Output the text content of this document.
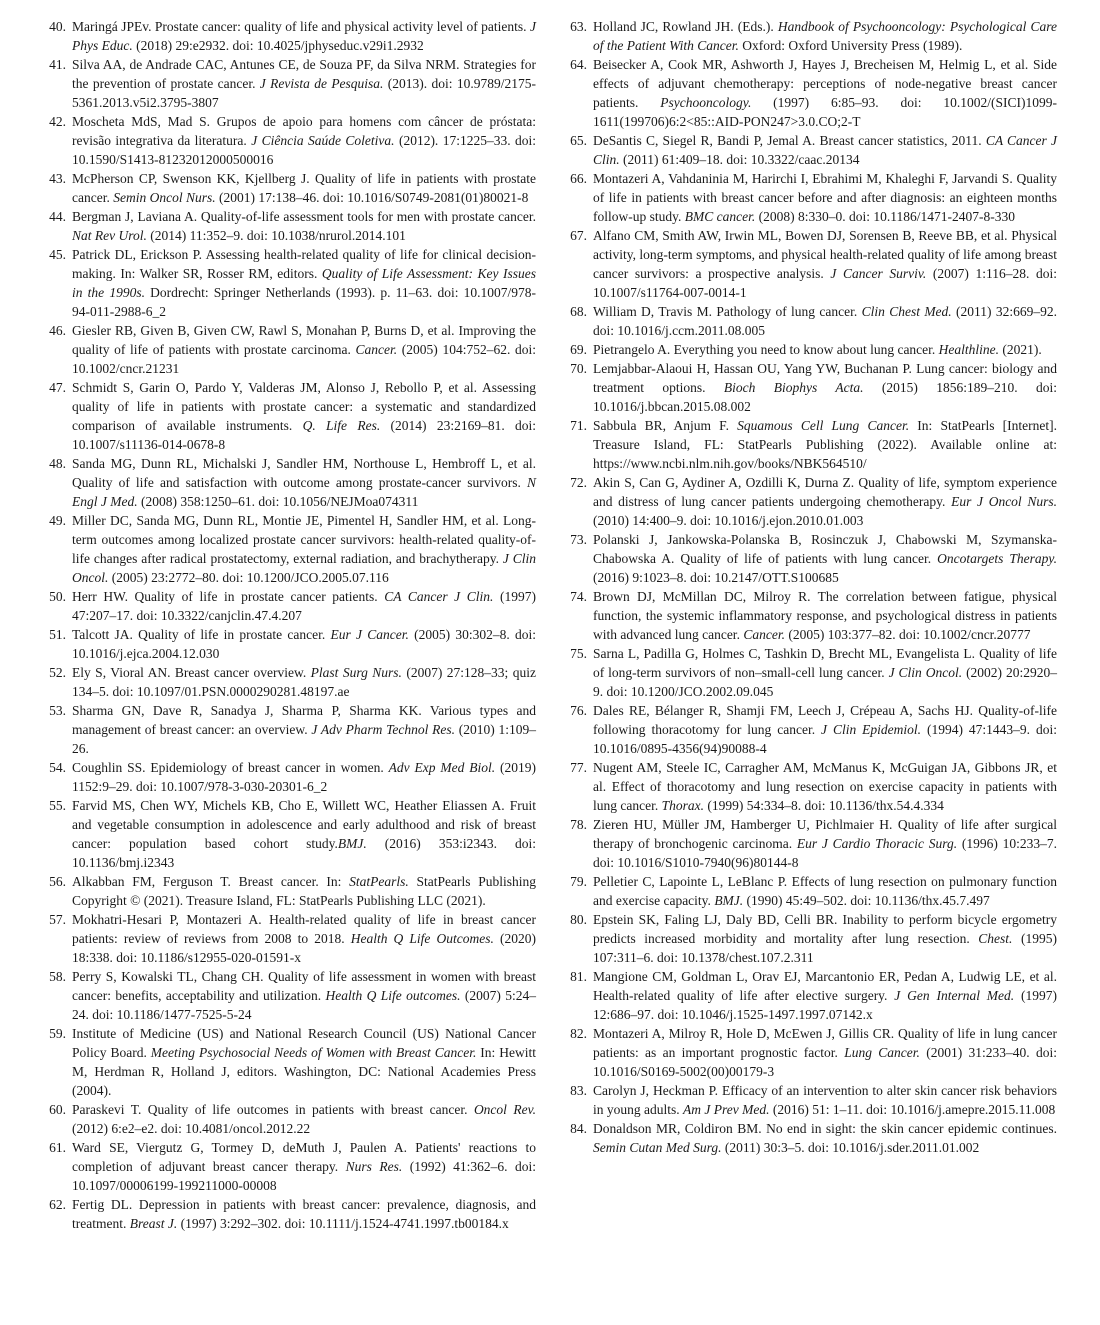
40. Maringá JPEv. Prostate cancer: quality of life and physical activity level of patients. J Phys Educ. (2018) 29:e2932. doi: 10.4025/jphyseduc.v29i1.2932

41. Silva AA, de Andrade CAC, Antunes CE, de Souza PF, da Silva NRM. Strategies for the prevention of prostate cancer. J Revista de Pesquisa. (2013). doi: 10.9789/2175-5361.2013.v5i2.3795-3807

42. Moscheta MdS, Mad S. Grupos de apoio para homens com câncer de próstata: revisão integrativa da literatura. J Ciência Saúde Coletiva. (2012). 17:1225–33. doi: 10.1590/S1413-81232012000500016

43. McPherson CP, Swenson KK, Kjellberg J. Quality of life in patients with prostate cancer. Semin Oncol Nurs. (2001) 17:138–46. doi: 10.1016/S0749-2081(01)80021-8

44. Bergman J, Laviana A. Quality-of-life assessment tools for men with prostate cancer. Nat Rev Urol. (2014) 11:352–9. doi: 10.1038/nrurol.2014.101

45. Patrick DL, Erickson P. Assessing health-related quality of life for clinical decision-making. In: Walker SR, Rosser RM, editors. Quality of Life Assessment: Key Issues in the 1990s. Dordrecht: Springer Netherlands (1993). p. 11–63. doi: 10.1007/978-94-011-2988-6_2

46. Giesler RB, Given B, Given CW, Rawl S, Monahan P, Burns D, et al. Improving the quality of life of patients with prostate carcinoma. Cancer. (2005) 104:752–62. doi: 10.1002/cncr.21231

47. Schmidt S, Garin O, Pardo Y, Valderas JM, Alonso J, Rebollo P, et al. Assessing quality of life in patients with prostate cancer: a systematic and standardized comparison of available instruments. Q. Life Res. (2014) 23:2169–81. doi: 10.1007/s11136-014-0678-8

48. Sanda MG, Dunn RL, Michalski J, Sandler HM, Northouse L, Hembroff L, et al. Quality of life and satisfaction with outcome among prostate-cancer survivors. N Engl J Med. (2008) 358:1250–61. doi: 10.1056/NEJMoa074311

49. Miller DC, Sanda MG, Dunn RL, Montie JE, Pimentel H, Sandler HM, et al. Long-term outcomes among localized prostate cancer survivors: health-related quality-of-life changes after radical prostatectomy, external radiation, and brachytherapy. J Clin Oncol. (2005) 23:2772–80. doi: 10.1200/JCO.2005.07.116

50. Herr HW. Quality of life in prostate cancer patients. CA Cancer J Clin. (1997) 47:207–17. doi: 10.3322/canjclin.47.4.207

51. Talcott JA. Quality of life in prostate cancer. Eur J Cancer. (2005) 30:302–8. doi: 10.1016/j.ejca.2004.12.030

52. Ely S, Vioral AN. Breast cancer overview. Plast Surg Nurs. (2007) 27:128–33; quiz 134–5. doi: 10.1097/01.PSN.0000290281.48197.ae

53. Sharma GN, Dave R, Sanadya J, Sharma P, Sharma KK. Various types and management of breast cancer: an overview. J Adv Pharm Technol Res. (2010) 1:109–26.

54. Coughlin SS. Epidemiology of breast cancer in women. Adv Exp Med Biol. (2019) 1152:9–29. doi: 10.1007/978-3-030-20301-6_2

55. Farvid MS, Chen WY, Michels KB, Cho E, Willett WC, Heather Eliassen A. Fruit and vegetable consumption in adolescence and early adulthood and risk of breast cancer: population based cohort study.BMJ. (2016) 353:i2343. doi: 10.1136/bmj.i2343

56. Alkabban FM, Ferguson T. Breast cancer. In: StatPearls. StatPearls Publishing Copyright © (2021). Treasure Island, FL: StatPearls Publishing LLC (2021).

57. Mokhatri-Hesari P, Montazeri A. Health-related quality of life in breast cancer patients: review of reviews from 2008 to 2018. Health Q Life Outcomes. (2020) 18:338. doi: 10.1186/s12955-020-01591-x

58. Perry S, Kowalski TL, Chang CH. Quality of life assessment in women with breast cancer: benefits, acceptability and utilization. Health Q Life outcomes. (2007) 5:24–24. doi: 10.1186/1477-7525-5-24

59. Institute of Medicine (US) and National Research Council (US) National Cancer Policy Board. Meeting Psychosocial Needs of Women with Breast Cancer. In: Hewitt M, Herdman R, Holland J, editors. Washington, DC: National Academies Press (2004).

60. Paraskevi T. Quality of life outcomes in patients with breast cancer. Oncol Rev. (2012) 6:e2–e2. doi: 10.4081/oncol.2012.22

61. Ward SE, Viergutz G, Tormey D, deMuth J, Paulen A. Patients' reactions to completion of adjuvant breast cancer therapy. Nurs Res. (1992) 41:362–6. doi: 10.1097/00006199-199211000-00008

62. Fertig DL. Depression in patients with breast cancer: prevalence, diagnosis, and treatment. Breast J. (1997) 3:292–302. doi: 10.1111/j.1524-4741.1997.tb00184.x

63. Holland JC, Rowland JH. (Eds.). Handbook of Psychooncology: Psychological Care of the Patient With Cancer. Oxford: Oxford University Press (1989).

64. Beisecker A, Cook MR, Ashworth J, Hayes J, Brecheisen M, Helmig L, et al. Side effects of adjuvant chemotherapy: perceptions of node-negative breast cancer patients. Psychooncology. (1997) 6:85–93. doi: 10.1002/(SICI)1099-1611(199706)6:2<85::AID-PON247>3.0.CO;2-T

65. DeSantis C, Siegel R, Bandi P, Jemal A. Breast cancer statistics, 2011. CA Cancer J Clin. (2011) 61:409–18. doi: 10.3322/caac.20134

66. Montazeri A, Vahdaninia M, Harirchi I, Ebrahimi M, Khaleghi F, Jarvandi S. Quality of life in patients with breast cancer before and after diagnosis: an eighteen months follow-up study. BMC cancer. (2008) 8:330–0. doi: 10.1186/1471-2407-8-330

67. Alfano CM, Smith AW, Irwin ML, Bowen DJ, Sorensen B, Reeve BB, et al. Physical activity, long-term symptoms, and physical health-related quality of life among breast cancer survivors: a prospective analysis. J Cancer Surviv. (2007) 1:116–28. doi: 10.1007/s11764-007-0014-1

68. William D, Travis M. Pathology of lung cancer. Clin Chest Med. (2011) 32:669–92. doi: 10.1016/j.ccm.2011.08.005

69. Pietrangelo A. Everything you need to know about lung cancer. Healthline. (2021).

70. Lemjabbar-Alaoui H, Hassan OU, Yang YW, Buchanan P. Lung cancer: biology and treatment options. Bioch Biophys Acta. (2015) 1856:189–210. doi: 10.1016/j.bbcan.2015.08.002

71. Sabbula BR, Anjum F. Squamous Cell Lung Cancer. In: StatPearls [Internet]. Treasure Island, FL: StatPearls Publishing (2022). Available online at: https://www.ncbi.nlm.nih.gov/books/NBK564510/

72. Akin S, Can G, Aydiner A, Ozdilli K, Durna Z. Quality of life, symptom experience and distress of lung cancer patients undergoing chemotherapy. Eur J Oncol Nurs. (2010) 14:400–9. doi: 10.1016/j.ejon.2010.01.003

73. Polanski J, Jankowska-Polanska B, Rosinczuk J, Chabowski M, Szymanska-Chabowska A. Quality of life of patients with lung cancer. Oncotargets Therapy. (2016) 9:1023–8. doi: 10.2147/OTT.S100685

74. Brown DJ, McMillan DC, Milroy R. The correlation between fatigue, physical function, the systemic inflammatory response, and psychological distress in patients with advanced lung cancer. Cancer. (2005) 103:377–82. doi: 10.1002/cncr.20777

75. Sarna L, Padilla G, Holmes C, Tashkin D, Brecht ML, Evangelista L. Quality of life of long-term survivors of non–small-cell lung cancer. J Clin Oncol. (2002) 20:2920–9. doi: 10.1200/JCO.2002.09.045

76. Dales RE, Bélanger R, Shamji FM, Leech J, Crépeau A, Sachs HJ. Quality-of-life following thoracotomy for lung cancer. J Clin Epidemiol. (1994) 47:1443–9. doi: 10.1016/0895-4356(94)90088-4

77. Nugent AM, Steele IC, Carragher AM, McManus K, McGuigan JA, Gibbons JR, et al. Effect of thoracotomy and lung resection on exercise capacity in patients with lung cancer. Thorax. (1999) 54:334–8. doi: 10.1136/thx.54.4.334

78. Zieren HU, Müller JM, Hamberger U, Pichlmaier H. Quality of life after surgical therapy of bronchogenic carcinoma. Eur J Cardio Thoracic Surg. (1996) 10:233–7. doi: 10.1016/S1010-7940(96)80144-8

79. Pelletier C, Lapointe L, LeBlanc P. Effects of lung resection on pulmonary function and exercise capacity. BMJ. (1990) 45:49–502. doi: 10.1136/thx.45.7.497

80. Epstein SK, Faling LJ, Daly BD, Celli BR. Inability to perform bicycle ergometry predicts increased morbidity and mortality after lung resection. Chest. (1995) 107:311–6. doi: 10.1378/chest.107.2.311

81. Mangione CM, Goldman L, Orav EJ, Marcantonio ER, Pedan A, Ludwig LE, et al. Health-related quality of life after elective surgery. J Gen Internal Med. (1997) 12:686–97. doi: 10.1046/j.1525-1497.1997.07142.x

82. Montazeri A, Milroy R, Hole D, McEwen J, Gillis CR. Quality of life in lung cancer patients: as an important prognostic factor. Lung Cancer. (2001) 31:233–40. doi: 10.1016/S0169-5002(00)00179-3

83. Carolyn J, Heckman P. Efficacy of an intervention to alter skin cancer risk behaviors in young adults. Am J Prev Med. (2016) 51: 1–11. doi: 10.1016/j.amepre.2015.11.008

84. Donaldson MR, Coldiron BM. No end in sight: the skin cancer epidemic continues. Semin Cutan Med Surg. (2011) 30:3–5. doi: 10.1016/j.sder.2011.01.002
